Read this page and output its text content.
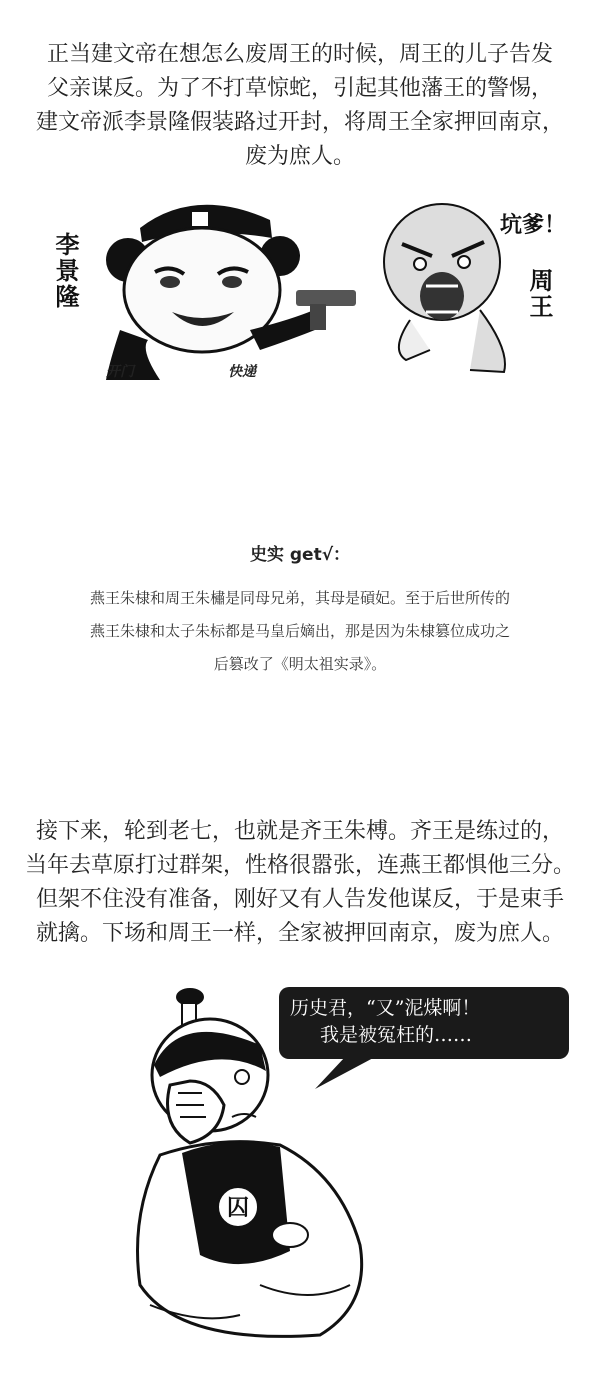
正当建文帝在想怎么废周王的时候，周王的儿子告发
父亲谋反。为了不打草惊蛇，引起其他藩王的警惕，
建文帝派李景隆假装路过开封，将周王全家押回南京，
废为庶人。

李景隆
开门	快递
坑爹！
周王
史实 get√：
燕王朱棣和周王朱橚是同母兄弟，其母是碽妃。至于后世所传的
燕王朱棣和太子朱标都是马皇后嫡出，那是因为朱棣篡位成功之
后篡改了《明太祖实录》。

接下来，轮到老七，也就是齐王朱榑。齐王是练过的，
当年去草原打过群架，性格很嚣张，连燕王都惧他三分。
但架不住没有准备，刚好又有人告发他谋反，于是束手
就擒。下场和周王一样，全家被押回南京，废为庶人。

历史君，“又”泥煤啊！
我是被冤枉的……
囚
